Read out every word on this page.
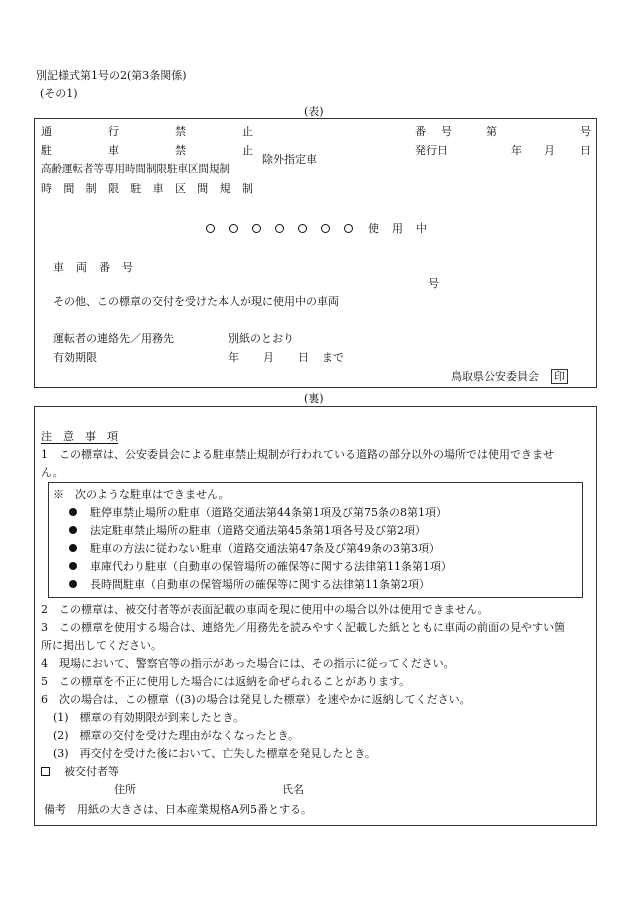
別記様式第1号の2(第3条関係)
(その1)
(表)
通	行	禁	止
駐	車	禁	止
高齢運転者等専用時間制限駐車区間規制
時 間 制 限 駐 車 区 間 規 制
除外指定車
番 号	第	号
発行日	年 月 日
使 用 中
車 両 番 号
号
その他、この標章の交付を受けた本人が現に使用中の車両
運転者の連絡先／用務先	別紙のとおり
有効期限	年 月 日 まで
鳥取県公安委員会 印
(裏)
注　意　事　項
1　この標章は、公安委員会による駐車禁止規制が行われている道路の部分以外の場所では使用できませ
ん。
※　次のような駐車はできません。
駐停車禁止場所の駐車（道路交通法第44条第1項及び第75条の8第1項）
法定駐車禁止場所の駐車（道路交通法第45条第1項各号及び第2項）
駐車の方法に従わない駐車（道路交通法第47条及び第49条の3第3項）
車庫代わり駐車（自動車の保管場所の確保等に関する法律第11条第1項）
長時間駐車（自動車の保管場所の確保等に関する法律第11条第2項）
2　この標章は、被交付者等が表面記載の車両を現に使用中の場合以外は使用できません。
3　この標章を使用する場合は、連絡先／用務先を読みやすく記載した紙とともに車両の前面の見やすい箇
所に掲出してください。
4　現場において、警察官等の指示があった場合には、その指示に従ってください。
5　この標章を不正に使用した場合には返納を命ぜられることがあります。
6　次の場合は、この標章（(3)の場合は発見した標章）を速やかに返納してください。
(1)　標章の有効期限が到来したとき。
(2)　標章の交付を受けた理由がなくなったとき。
(3)　再交付を受けた後において、亡失した標章を発見したとき。
被交付者等
住所	氏名
備考　用紙の大きさは、日本産業規格A列5番とする。
